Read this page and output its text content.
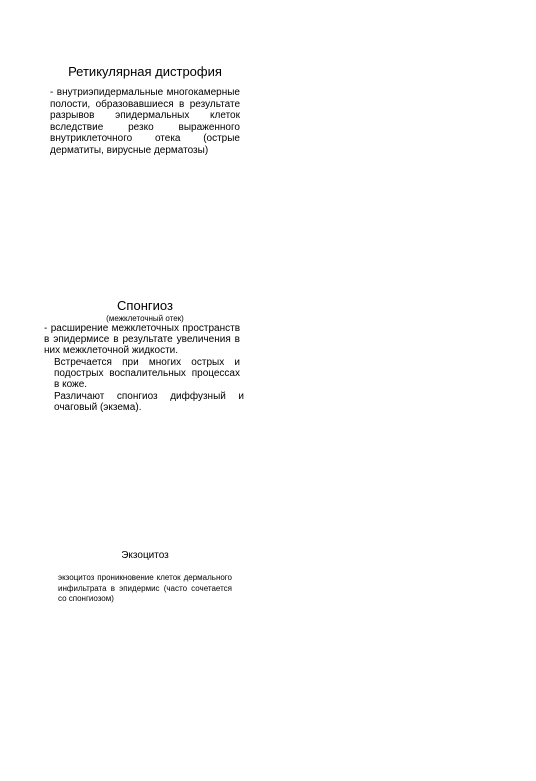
Ретикулярная дистрофия
- внутриэпидермальные многокамерные полости, образовавшиеся в результате разрывов эпидермальных клеток вследствие резко выраженного внутриклеточного отека (острые дерматиты, вирусные дерматозы)
Спонгиоз
(межклеточный отек)

- расширение межклеточных пространств в эпидермисе в результате увеличения в них межклеточной жидкости.

Встречается при многих острых и подострых воспалительных процессах в коже.

Различают спонгиоз диффузный и очаговый (экзема).

Экзоцитоз
экзоцитоз проникновение клеток дермального инфильтрата в эпидермис (часто сочетается со спонгиозом)
